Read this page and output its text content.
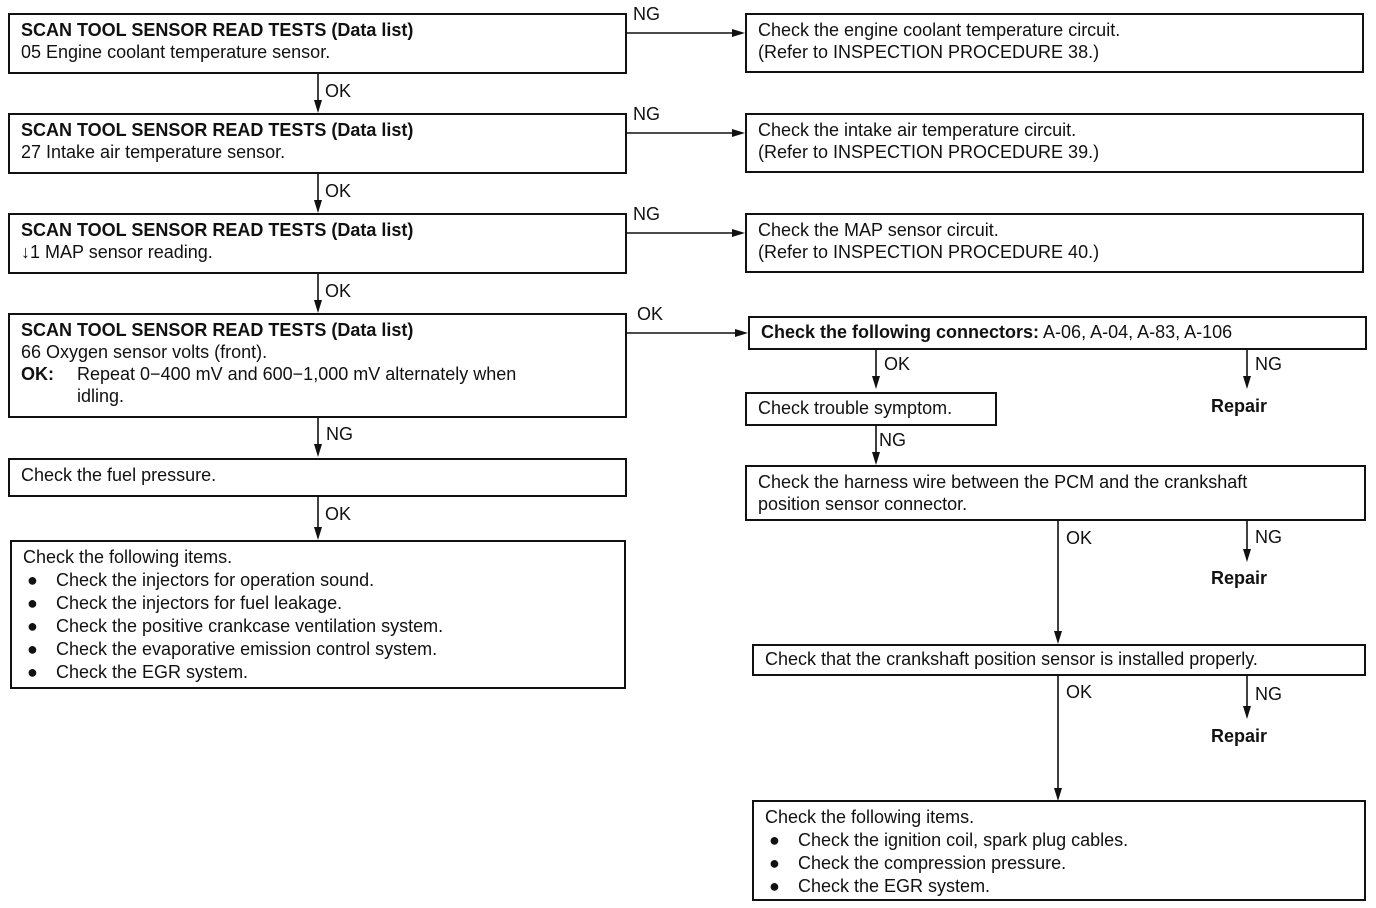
SCAN TOOL SENSOR READ TESTS (Data list)
05 Engine coolant temperature sensor.
SCAN TOOL SENSOR READ TESTS (Data list)
27 Intake air temperature sensor.
SCAN TOOL SENSOR READ TESTS (Data list)
↓1 MAP sensor reading.
SCAN TOOL SENSOR READ TESTS (Data list)
66 Oxygen sensor volts (front).
OK: Repeat 0−400 mV and 600−1,000 mV alternately when
idling.
Check the fuel pressure.
Check the following items.
● Check the injectors for operation sound.
● Check the injectors for fuel leakage.
● Check the positive crankcase ventilation system.
● Check the evaporative emission control system.
● Check the EGR system.
Check the engine coolant temperature circuit.
(Refer to INSPECTION PROCEDURE 38.)
Check the intake air temperature circuit.
(Refer to INSPECTION PROCEDURE 39.)
Check the MAP sensor circuit.
(Refer to INSPECTION PROCEDURE 40.)
Check the following connectors: A-06, A-04, A-83, A-106
Check trouble symptom.
Check the harness wire between the PCM and the crankshaft
position sensor connector.
Check that the crankshaft position sensor is installed properly.
Check the following items.
● Check the ignition coil, spark plug cables.
● Check the compression pressure.
● Check the EGR system.
Repair
Repair
Repair
OK
OK
OK
NG
OK
NG
NG
NG
OK
OK	NG
NG
OK	NG
OK	NG
